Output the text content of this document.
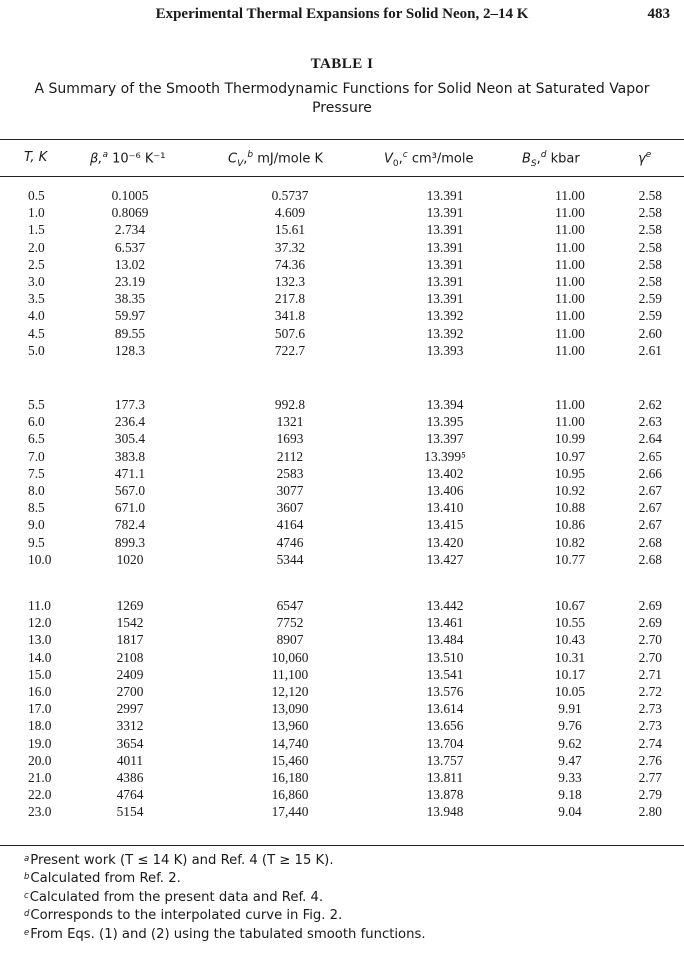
Experimental Thermal Expansions for Solid Neon, 2–14 K	483
TABLE I
A Summary of the Smooth Thermodynamic Functions for Solid Neon at Saturated Vapor Pressure
T, K	β,$^a$ 10⁻⁶ K⁻¹	$C_V,^b$ mJ/mole K	$V_0,^c$ cm³/mole	$B_S,^d$ kbar	$\gamma^e$
0.5	0.1005	0.5737	13.391	11.00	2.58
1.0	0.8069	4.609	13.391	11.00	2.58
1.5	2.734	15.61	13.391	11.00	2.58
2.0	6.537	37.32	13.391	11.00	2.58
2.5	13.02	74.36	13.391	11.00	2.58
3.0	23.19	132.3	13.391	11.00	2.58
3.5	38.35	217.8	13.391	11.00	2.59
4.0	59.97	341.8	13.392	11.00	2.59
4.5	89.55	507.6	13.392	11.00	2.60
5.0	128.3	722.7	13.393	11.00	2.61
5.5	177.3	992.8	13.394	11.00	2.62
6.0	236.4	1321	13.395	11.00	2.63
6.5	305.4	1693	13.397	10.99	2.64
7.0	383.8	2112	13.399⁵	10.97	2.65
7.5	471.1	2583	13.402	10.95	2.66
8.0	567.0	3077	13.406	10.92	2.67
8.5	671.0	3607	13.410	10.88	2.67
9.0	782.4	4164	13.415	10.86	2.67
9.5	899.3	4746	13.420	10.82	2.68
10.0	1020	5344	13.427	10.77	2.68
11.0	1269	6547	13.442	10.67	2.69
12.0	1542	7752	13.461	10.55	2.69
13.0	1817	8907	13.484	10.43	2.70
14.0	2108	10,060	13.510	10.31	2.70
15.0	2409	11,100	13.541	10.17	2.71
16.0	2700	12,120	13.576	10.05	2.72
17.0	2997	13,090	13.614	9.91	2.73
18.0	3312	13,960	13.656	9.76	2.73
19.0	3654	14,740	13.704	9.62	2.74
20.0	4011	15,460	13.757	9.47	2.76
21.0	4386	16,180	13.811	9.33	2.77
22.0	4764	16,860	13.878	9.18	2.79
23.0	5154	17,440	13.948	9.04	2.80
$^a$Present work (T ≤ 14 K) and Ref. 4 (T ≥ 15 K).
$^b$Calculated from Ref. 2.
$^c$Calculated from the present data and Ref. 4.
$^d$Corresponds to the interpolated curve in Fig. 2.
$^e$From Eqs. (1) and (2) using the tabulated smooth functions.
